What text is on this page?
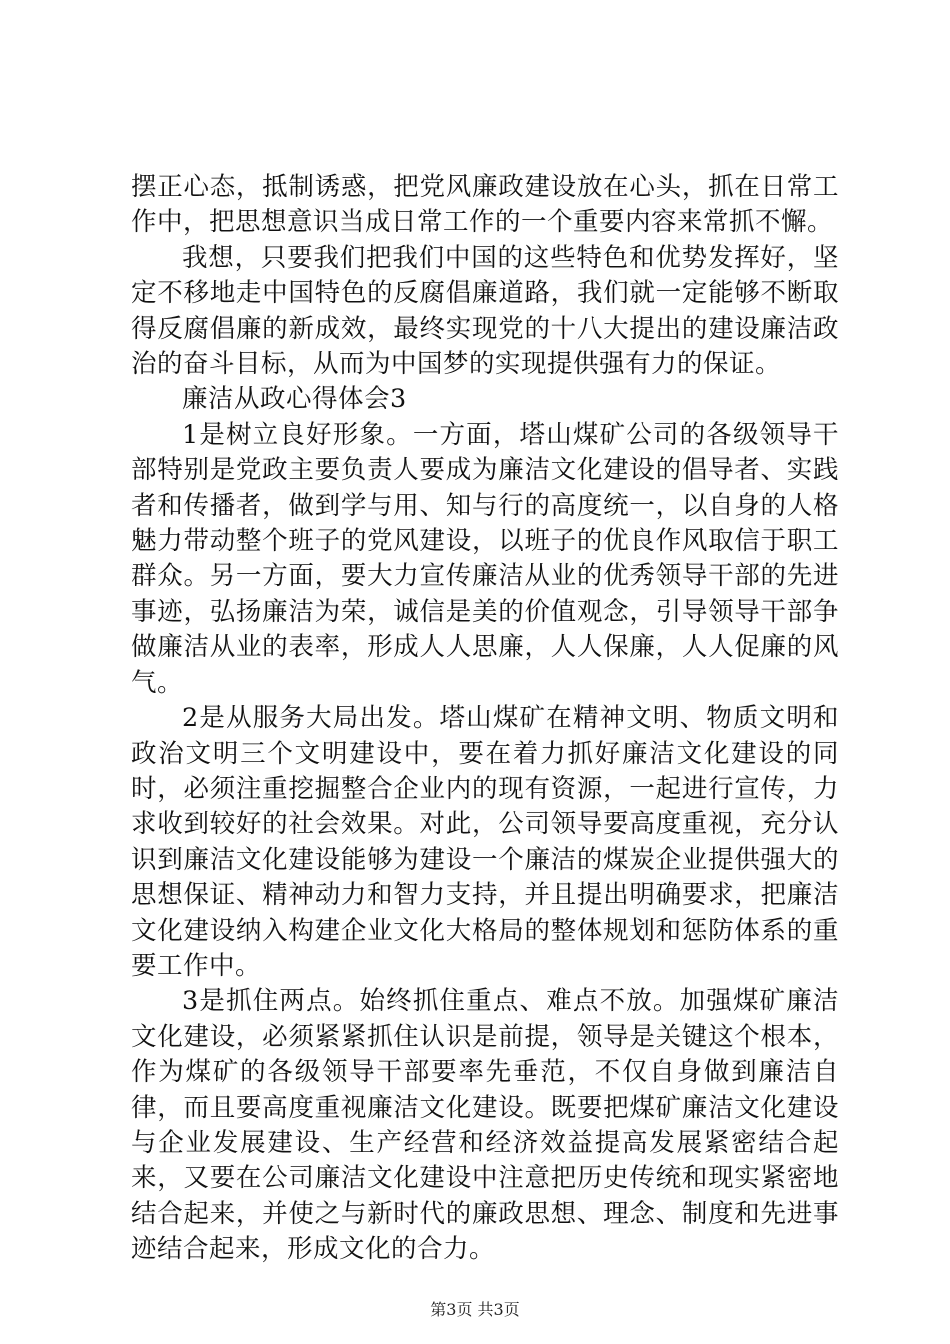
摆正心态，抵制诱惑，把党风廉政建设放在心头，抓在日常工作中，把思想意识当成日常工作的一个重要内容来常抓不懈。

我想，只要我们把我们中国的这些特色和优势发挥好，坚定不移地走中国特色的反腐倡廉道路，我们就一定能够不断取得反腐倡廉的新成效，最终实现党的十八大提出的建设廉洁政治的奋斗目标，从而为中国梦的实现提供强有力的保证。

廉洁从政心得体会3

1是树立良好形象。一方面，塔山煤矿公司的各级领导干部特别是党政主要负责人要成为廉洁文化建设的倡导者、实践者和传播者，做到学与用、知与行的高度统一，以自身的人格魅力带动整个班子的党风建设，以班子的优良作风取信于职工群众。另一方面，要大力宣传廉洁从业的优秀领导干部的先进事迹，弘扬廉洁为荣，诚信是美的价值观念，引导领导干部争做廉洁从业的表率，形成人人思廉，人人保廉，人人促廉的风气。

2是从服务大局出发。塔山煤矿在精神文明、物质文明和政治文明三个文明建设中，要在着力抓好廉洁文化建设的同时，必须注重挖掘整合企业内的现有资源，一起进行宣传，力求收到较好的社会效果。对此，公司领导要高度重视，充分认识到廉洁文化建设能够为建设一个廉洁的煤炭企业提供强大的思想保证、精神动力和智力支持，并且提出明确要求，把廉洁文化建设纳入构建企业文化大格局的整体规划和惩防体系的重要工作中。

3是抓住两点。始终抓住重点、难点不放。加强煤矿廉洁文化建设，必须紧紧抓住认识是前提，领导是关键这个根本，作为煤矿的各级领导干部要率先垂范，不仅自身做到廉洁自律，而且要高度重视廉洁文化建设。既要把煤矿廉洁文化建设与企业发展建设、生产经营和经济效益提高发展紧密结合起来，又要在公司廉洁文化建设中注意把历史传统和现实紧密地结合起来，并使之与新时代的廉政思想、理念、制度和先进事迹结合起来，形成文化的合力。

第3页 共3页
